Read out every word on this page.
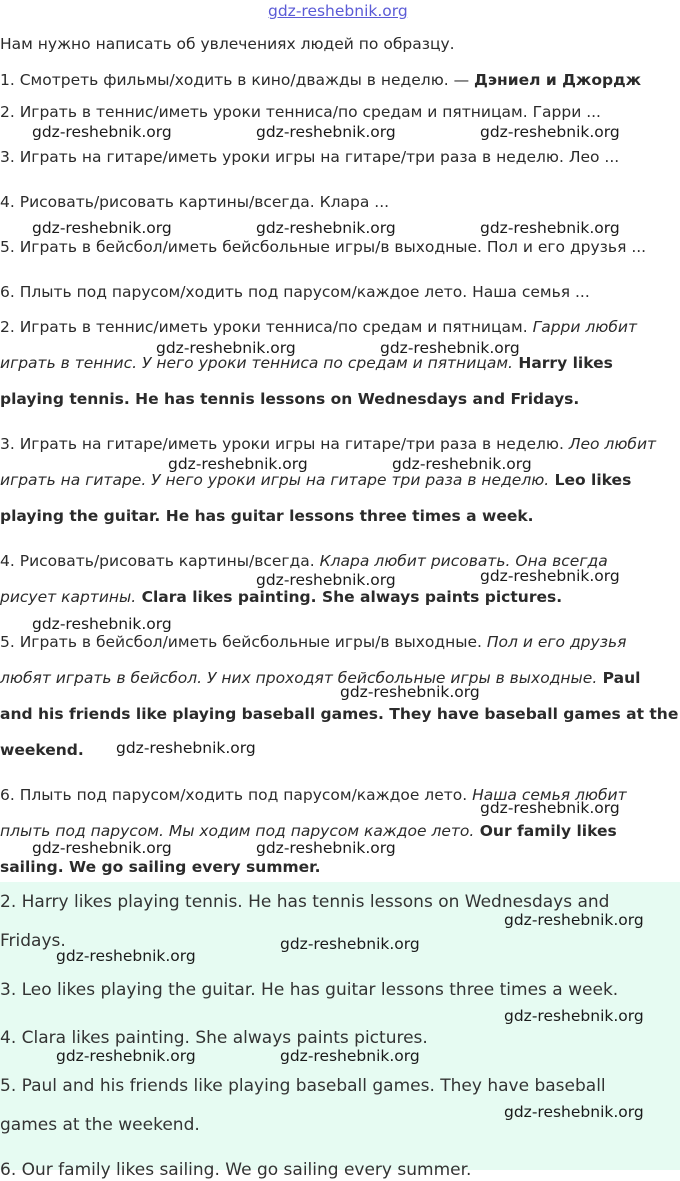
gdz-reshebnik.org
Нам нужно написать об увлечениях людей по образцу.
1. Смотреть фильмы/ходить в кино/дважды в неделю. — Дэниел и Джордж
2. Играть в теннис/иметь уроки тенниса/по средам и пятницам. Гарри ...
3. Играть на гитаре/иметь уроки игры на гитаре/три раза в неделю. Лео ...
4. Рисовать/рисовать картины/всегда. Клара ...
5. Играть в бейсбол/иметь бейсбольные игры/в выходные. Пол и его друзья ...
6. Плыть под парусом/ходить под парусом/каждое лето. Наша семья ...
2. Играть в теннис/иметь уроки тенниса/по средам и пятницам. Гарри любит
играть в теннис. У него уроки тенниса по средам и пятницам. Harry likes
playing tennis. He has tennis lessons on Wednesdays and Fridays.
3. Играть на гитаре/иметь уроки игры на гитаре/три раза в неделю. Лео любит
играть на гитаре. У него уроки игры на гитаре три раза в неделю. Leo likes
playing the guitar. He has guitar lessons three times a week.
4. Рисовать/рисовать картины/всегда. Клара любит рисовать. Она всегда
рисует картины. Clara likes painting. She always paints pictures.
5. Играть в бейсбол/иметь бейсбольные игры/в выходные. Пол и его друзья
любят играть в бейсбол. У них проходят бейсбольные игры в выходные. Paul
and his friends like playing baseball games. They have baseball games at the
weekend.
6. Плыть под парусом/ходить под парусом/каждое лето. Наша семья любит
плыть под парусом. Мы ходим под парусом каждое лето. Our family likes
sailing. We go sailing every summer.
2. Harry likes playing tennis. He has tennis lessons on Wednesdays and
Fridays.
3. Leo likes playing the guitar. He has guitar lessons three times a week.
4. Clara likes painting. She always paints pictures.
5. Paul and his friends like playing baseball games. They have baseball
games at the weekend.
6. Our family likes sailing. We go sailing every summer.
gdz-reshebnik.org	gdz-reshebnik.org	gdz-reshebnik.org
gdz-reshebnik.org	gdz-reshebnik.org	gdz-reshebnik.org
gdz-reshebnik.org	gdz-reshebnik.org
gdz-reshebnik.org	gdz-reshebnik.org
gdz-reshebnik.org	gdz-reshebnik.org
gdz-reshebnik.org
gdz-reshebnik.org
gdz-reshebnik.org
gdz-reshebnik.org
gdz-reshebnik.org	gdz-reshebnik.org
gdz-reshebnik.org
gdz-reshebnik.org
gdz-reshebnik.org
gdz-reshebnik.org
gdz-reshebnik.org	gdz-reshebnik.org
gdz-reshebnik.org
